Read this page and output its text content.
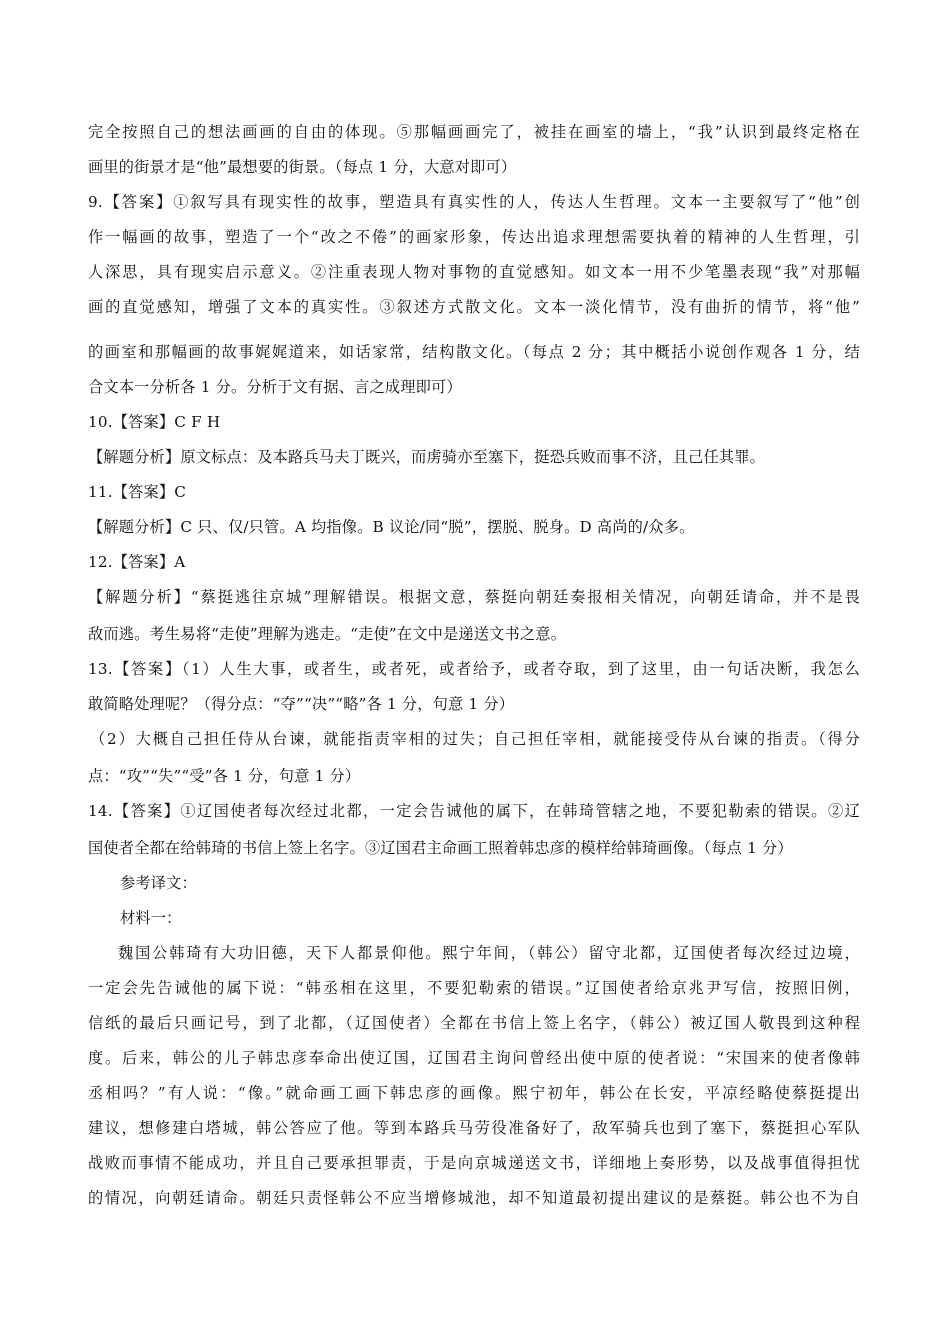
完全按照自己的想法画画的自由的体现。⑤那幅画画完了，被挂在画室的墙上，“我”认识到最终定格在
画里的街景才是“他”最想要的街景。（每点 1 分，大意对即可）
9.【答案】①叙写具有现实性的故事，塑造具有真实性的人，传达人生哲理。文本一主要叙写了“他”创
作一幅画的故事，塑造了一个“改之不倦”的画家形象，传达出追求理想需要执着的精神的人生哲理，引
人深思，具有现实启示意义。②注重表现人物对事物的直觉感知。如文本一用不少笔墨表现“我”对那幅
画的直觉感知，增强了文本的真实性。③叙述方式散文化。文本一淡化情节，没有曲折的情节，将“他”
的画室和那幅画的故事娓娓道来，如话家常，结构散文化。（每点 2 分；其中概括小说创作观各 1 分，结
合文本一分析各 1 分。分析于文有据、言之成理即可）
10.【答案】C F H
【解题分析】原文标点：及本路兵马夫丁既兴，而虏骑亦至塞下，挺恐兵败而事不济，且己任其罪。
11.【答案】C
【解题分析】C 只、仅/只管。A 均指像。B 议论/同“脱”，摆脱、脱身。D 高尚的/众多。
12.【答案】A
【解题分析】“蔡挺逃往京城”理解错误。根据文意，蔡挺向朝廷奏报相关情况，向朝廷请命，并不是畏
敌而逃。考生易将“走使”理解为逃走。“走使”在文中是递送文书之意。
13.【答案】（1）人生大事，或者生，或者死，或者给予，或者夺取，到了这里，由一句话决断，我怎么
敢简略处理呢？（得分点：“夺”“决”“略”各 1 分，句意 1 分）
（2）大概自己担任侍从台谏，就能指责宰相的过失；自己担任宰相，就能接受侍从台谏的指责。（得分
点：“攻”“失”“受”各 1 分，句意 1 分）
14.【答案】①辽国使者每次经过北都，一定会告诫他的属下，在韩琦管辖之地，不要犯勒索的错误。②辽
国使者全都在给韩琦的书信上签上名字。③辽国君主命画工照着韩忠彦的模样给韩琦画像。（每点 1 分）
参考译文：
材料一：
魏国公韩琦有大功旧德，天下人都景仰他。熙宁年间，（韩公）留守北都，辽国使者每次经过边境，
一定会先告诫他的属下说：“韩丞相在这里，不要犯勒索的错误。”辽国使者给京兆尹写信，按照旧例，
信纸的最后只画记号，到了北都，（辽国使者）全都在书信上签上名字，（韩公）被辽国人敬畏到这种程
度。后来，韩公的儿子韩忠彦奉命出使辽国，辽国君主询问曾经出使中原的使者说：“宋国来的使者像韩
丞相吗？”有人说：“像。”就命画工画下韩忠彦的画像。熙宁初年，韩公在长安，平凉经略使蔡挺提出
建议，想修建白塔城，韩公答应了他。等到本路兵马劳役准备好了，敌军骑兵也到了塞下，蔡挺担心军队
战败而事情不能成功，并且自己要承担罪责，于是向京城递送文书，详细地上奏形势，以及战事值得担忧
的情况，向朝廷请命。朝廷只责怪韩公不应当增修城池，却不知道最初提出建议的是蔡挺。韩公也不为自
